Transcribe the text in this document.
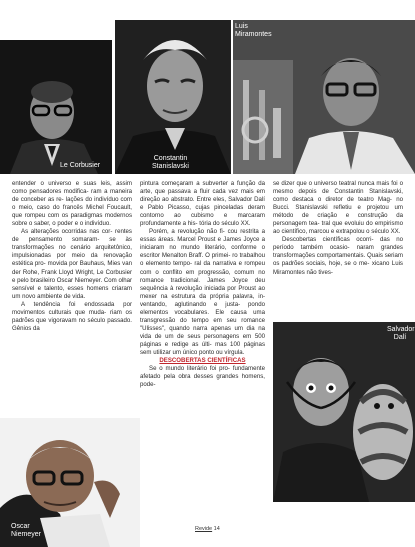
Le Corbusier
Constantin
Stanislavski
Luis
Miramontes

entender o universo e suas leis, assim como pensadores modifica- ram a maneira de conceber as re- lações do indivíduo com o meio, caso do francês Michel Foucault, que rompeu com os paradigmas modernos sobre o saber, o poder e o indivíduo.

As alterações ocorridas nas cor- rentes de pensamento somaram- se às transformações no cenário arquitetônico, impulsionadas por meio da renovação estética pro- movida por Bauhaus, Mies van der Rohe, Frank Lloyd Wright, Le Corbusier e pelo brasileiro Oscar Niemeyer. Com olhar sensível e talento, esses homens criaram um novo ambiente de vida.

A tendência foi endossada por movimentos culturais que muda- riam os padrões que vigoravam no século passado. Gênios da

pintura começaram a subverter a função da arte, que passava a fluir cada vez mais em direção ao abstrato. Entre eles, Salvador Dalí e Pablo Picasso, cujas pinceladas deram contorno ao cubismo e marcaram profundamente a his- tória do século XX.

Porém, a revolução não fi- cou restrita a essas áreas. Marcel Proust e James Joyce a iniciaram no mundo literário, conforme o escritor Menalton Braff. O primei- ro trabalhou o elemento tempo- ral da narrativa e rompeu com o conflito em progressão, comum no romance tradicional. James Joyce deu sequência à revolução iniciada por Proust ao mexer na estrutura da própria palavra, in- ventando, aglutinando e justa- pondo elementos vocabulares. Ele causa uma transgressão do tempo em seu romance "Ulisses", quando narra apenas um dia na vida de um de seus personagens em 500 páginas e redige as últi- mas 100 páginas sem utilizar um único ponto ou vírgula.

DESCOBERTAS CIENTÍFICAS

Se o mundo literário foi pro- fundamente afetado pela obra desses grandes homens, pode-

se dizer que o universo teatral nunca mais foi o mesmo depois de Constantin Stanislavski, como destaca o diretor de teatro Mag- no Bucci. Stanislavski refletiu e projetou um método de criação e construção da personagem tea- tral que evoluiu do empirismo ao científico, marcou e extrapolou o século XX.

Descobertas científicas ocorri- das no período também ocasio- naram grandes transformações comportamentais. Quais seriam os padrões sociais, hoje, se o me- xicano Luis Miramontes não tives-

Oscar
Niemeyer
Salvador
Dalí
Revide 14
